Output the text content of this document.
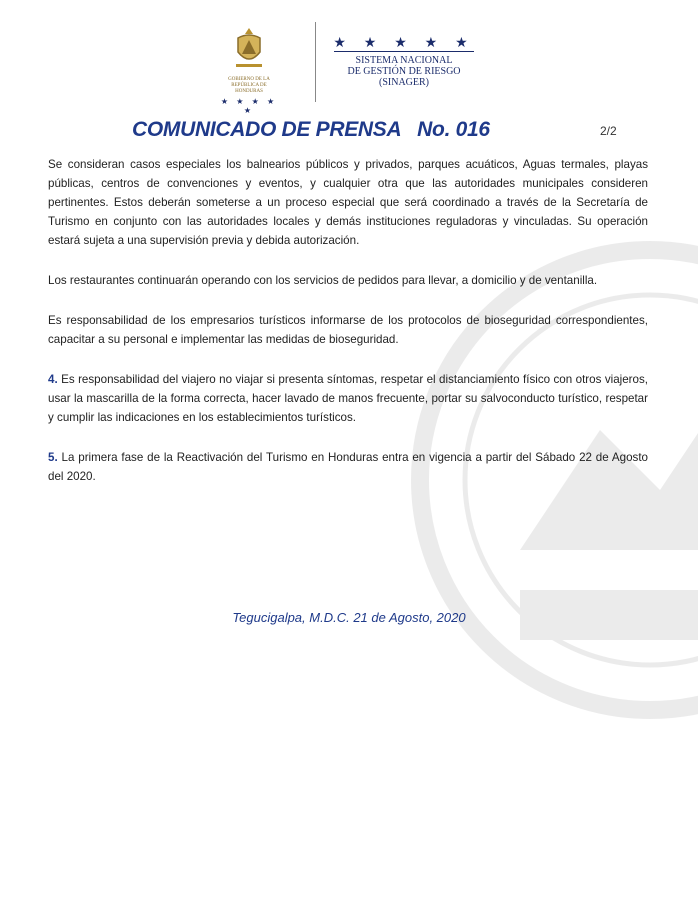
GOBIERNO DE LA REPÚBLICA DE HONDURAS
★ ★ ★ ★ ★
★ ★ ★ ★ ★
SISTEMA NACIONAL
DE GESTIÓN DE RIESGO
(SINAGER)
COMUNICADO DE PRENSA   No. 016	2/2

Se consideran casos especiales los balnearios públicos y privados, parques acuáticos, Aguas termales, playas públicas, centros de convenciones y eventos, y cualquier otra que las autoridades municipales consideren pertinentes. Estos deberán someterse a un proceso especial que será coordinado a través de la Secretaría de Turismo en conjunto con las autoridades locales y demás instituciones reguladoras y vinculadas. Su operación estará sujeta a una supervisión previa y debida autorización.

Los restaurantes continuarán operando con los servicios de pedidos para llevar, a domicilio y de ventanilla.

Es responsabilidad de los empresarios turísticos informarse de los protocolos de bioseguridad correspondientes, capacitar a su personal e implementar las medidas de bioseguridad.

4. Es responsabilidad del viajero no viajar si presenta síntomas, respetar el distanciamiento físico con otros viajeros, usar la mascarilla de la forma correcta, hacer lavado de manos frecuente, portar su salvoconducto turístico, respetar y cumplir las indicaciones en los establecimientos turísticos.

5. La primera fase de la Reactivación del Turismo en Honduras entra en vigencia a partir del Sábado 22 de Agosto del 2020.

Tegucigalpa, M.D.C. 21 de Agosto, 2020
